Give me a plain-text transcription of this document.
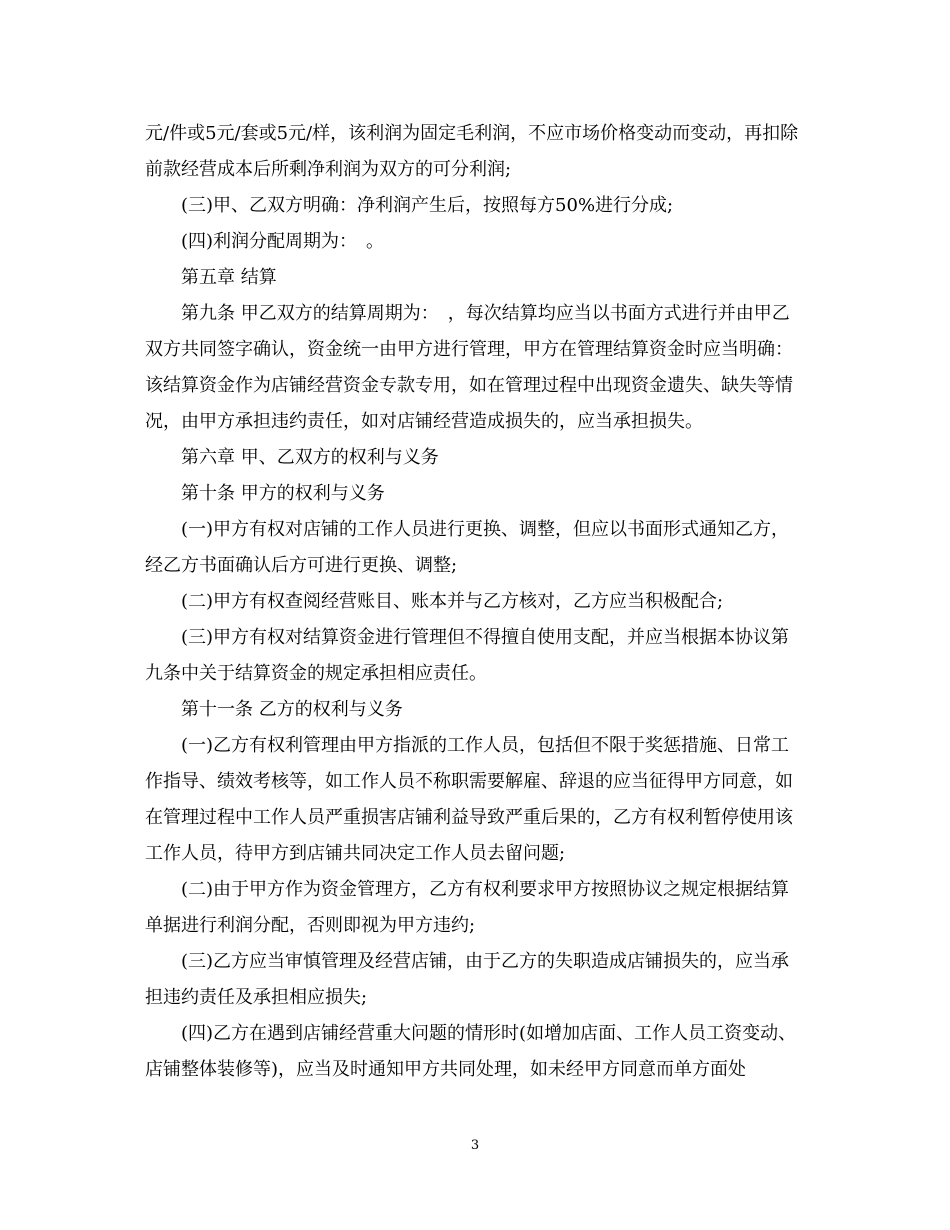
元/件或5元/套或5元/样，该利润为固定毛利润，不应市场价格变动而变动，再扣除前款经营成本后所剩净利润为双方的可分利润;

(三)甲、乙双方明确：净利润产生后，按照每方50%进行分成;

(四)利润分配周期为：　。

第五章 结算

第九条 甲乙双方的结算周期为：　，每次结算均应当以书面方式进行并由甲乙双方共同签字确认，资金统一由甲方进行管理，甲方在管理结算资金时应当明确：该结算资金作为店铺经营资金专款专用，如在管理过程中出现资金遗失、缺失等情况，由甲方承担违约责任，如对店铺经营造成损失的，应当承担损失。

第六章 甲、乙双方的权利与义务

第十条 甲方的权利与义务

(一)甲方有权对店铺的工作人员进行更换、调整，但应以书面形式通知乙方，经乙方书面确认后方可进行更换、调整;

(二)甲方有权查阅经营账目、账本并与乙方核对，乙方应当积极配合;

(三)甲方有权对结算资金进行管理但不得擅自使用支配，并应当根据本协议第九条中关于结算资金的规定承担相应责任。

第十一条 乙方的权利与义务

(一)乙方有权利管理由甲方指派的工作人员，包括但不限于奖惩措施、日常工作指导、绩效考核等，如工作人员不称职需要解雇、辞退的应当征得甲方同意，如在管理过程中工作人员严重损害店铺利益导致严重后果的，乙方有权利暂停使用该工作人员，待甲方到店铺共同决定工作人员去留问题;

(二)由于甲方作为资金管理方，乙方有权利要求甲方按照协议之规定根据结算单据进行利润分配，否则即视为甲方违约;

(三)乙方应当审慎管理及经营店铺，由于乙方的失职造成店铺损失的，应当承担违约责任及承担相应损失;

(四)乙方在遇到店铺经营重大问题的情形时(如增加店面、工作人员工资变动、店铺整体装修等)，应当及时通知甲方共同处理，如未经甲方同意而单方面处

3
